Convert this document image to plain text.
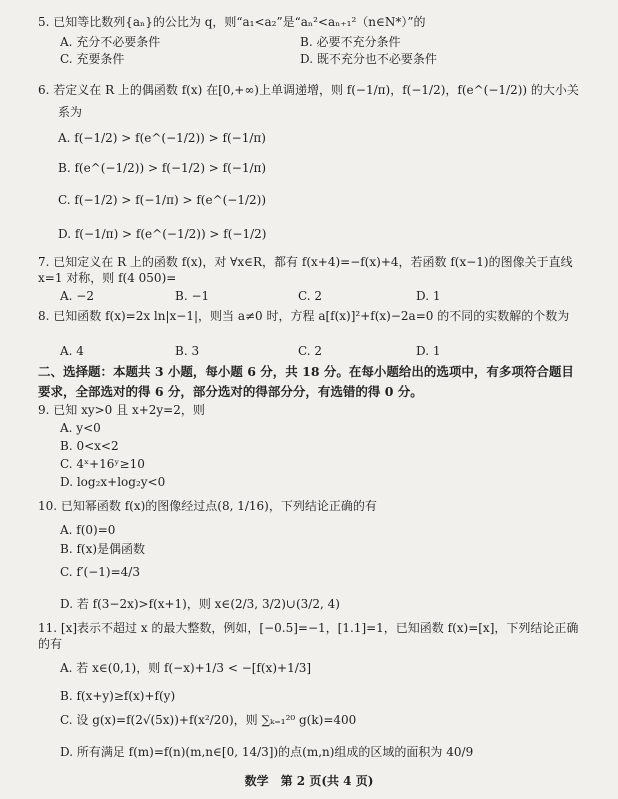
5. 已知等比数列{aₙ}的公比为 q，则“a₁<a₂”是“aₙ²<aₙ₊₁²（n∈N*）”的
A. 充分不必要条件	B. 必要不充分条件
C. 充要条件	D. 既不充分也不必要条件
6. 若定义在 R 上的偶函数 f(x) 在[0,+∞)上单调递增，则 f(−1/π)，f(−1/2)，f(e^(−1/2)) 的大小关
系为
A. f(−1/2) > f(e^(−1/2)) > f(−1/π)
B. f(e^(−1/2)) > f(−1/2) > f(−1/π)
C. f(−1/2) > f(−1/π) > f(e^(−1/2))
D. f(−1/π) > f(e^(−1/2)) > f(−1/2)
7. 已知定义在 R 上的函数 f(x)，对 ∀x∈R，都有 f(x+4)=−f(x)+4，若函数 f(x−1)的图像关于直线 x=1 对称，则 f(4 050)=
A. −2	B. −1	C. 2	D. 1
8. 已知函数 f(x)=2x ln|x−1|，则当 a≠0 时，方程 a[f(x)]²+f(x)−2a=0 的不同的实数解的个数为
A. 4	B. 3	C. 2	D. 1
二、选择题：本题共 3 小题，每小题 6 分，共 18 分。在每小题给出的选项中，有多项符合题目要求，全部选对的得 6 分，部分选对的得部分分，有选错的得 0 分。
9. 已知 xy>0 且 x+2y=2，则
A. y<0
B. 0<x<2
C. 4ˣ+16ʸ≥10
D. log₂x+log₂y<0
10. 已知幂函数 f(x)的图像经过点(8, 1/16)，下列结论正确的有
A. f(0)=0
B. f(x)是偶函数
C. f′(−1)=4/3
D. 若 f(3−2x)>f(x+1)，则 x∈(2/3, 3/2)∪(3/2, 4)
11. [x]表示不超过 x 的最大整数，例如，[−0.5]=−1，[1.1]=1，已知函数 f(x)=[x]，下列结论正确的有
A. 若 x∈(0,1)，则 f(−x)+1/3 < −[f(x)+1/3]
B. f(x+y)≥f(x)+f(y)
C. 设 g(x)=f(2√(5x))+f(x²/20)，则 ∑ₖ₌₁²⁰ g(k)=400
D. 所有满足 f(m)=f(n)(m,n∈[0, 14/3])的点(m,n)组成的区域的面积为 40/9
数学　第 2 页(共 4 页)
